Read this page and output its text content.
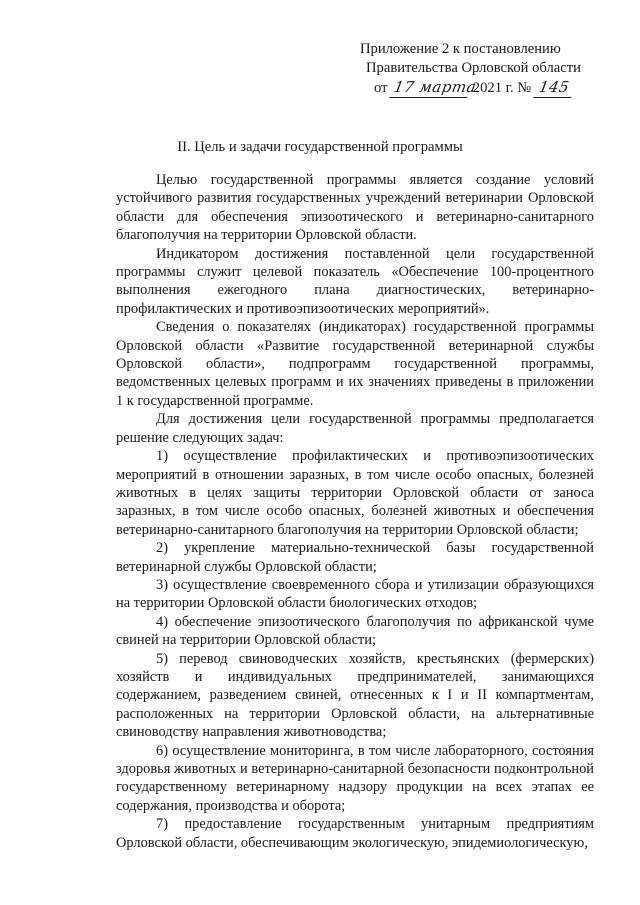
Приложение 2 к постановлению
Правительства Орловской области
от 17 марта 2021 г. № 145
II. Цель и задачи государственной программы

Целью государственной программы является создание условий устойчивого развития государственных учреждений ветеринарии Орловской области для обеспечения эпизоотического и ветеринарно-санитарного благополучия на территории Орловской области.

Индикатором достижения поставленной цели государственной программы служит целевой показатель «Обеспечение 100-процентного выполнения ежегодного плана диагностических, ветеринарно-профилактических и противоэпизоотических мероприятий».

Сведения о показателях (индикаторах) государственной программы Орловской области «Развитие государственной ветеринарной службы Орловской области», подпрограмм государственной программы, ведомственных целевых программ и их значениях приведены в приложении 1 к государственной программе.

Для достижения цели государственной программы предполагается решение следующих задач:

1) осуществление профилактических и противоэпизоотических мероприятий в отношении заразных, в том числе особо опасных, болезней животных в целях защиты территории Орловской области от заноса заразных, в том числе особо опасных, болезней животных и обеспечения ветеринарно-санитарного благополучия на территории Орловской области;

2) укрепление материально-технической базы государственной ветеринарной службы Орловской области;

3) осуществление своевременного сбора и утилизации образующихся на территории Орловской области биологических отходов;

4) обеспечение эпизоотического благополучия по африканской чуме свиней на территории Орловской области;

5) перевод свиноводческих хозяйств, крестьянских (фермерских) хозяйств и индивидуальных предпринимателей, занимающихся содержанием, разведением свиней, отнесенных к I и II компартментам, расположенных на территории Орловской области, на альтернативные свиноводству направления животноводства;

6) осуществление мониторинга, в том числе лабораторного, состояния здоровья животных и ветеринарно-санитарной безопасности подконтрольной государственному ветеринарному надзору продукции на всех этапах ее содержания, производства и оборота;

7) предоставление государственным унитарным предприятиям Орловской области, обеспечивающим экологическую, эпидемиологическую,
